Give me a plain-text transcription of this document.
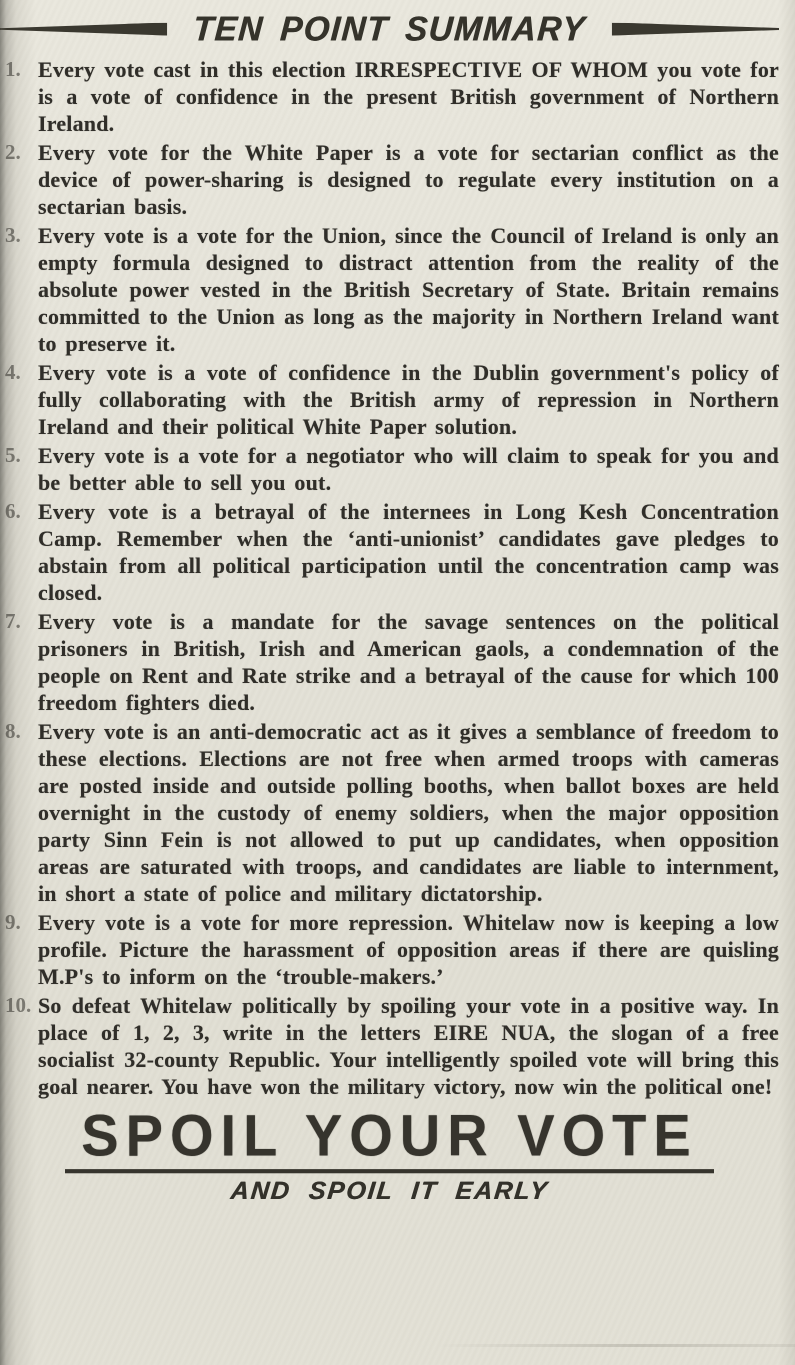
TEN POINT SUMMARY
1. Every vote cast in this election IRRESPECTIVE OF WHOM you vote for is a vote of confidence in the present British government of Northern Ireland.
2. Every vote for the White Paper is a vote for sectarian conflict as the device of power-sharing is designed to regulate every institution on a sectarian basis.
3. Every vote is a vote for the Union, since the Council of Ireland is only an empty formula designed to distract attention from the reality of the absolute power vested in the British Secretary of State. Britain remains committed to the Union as long as the majority in Northern Ireland want to preserve it.
4. Every vote is a vote of confidence in the Dublin government's policy of fully collaborating with the British army of repression in Northern Ireland and their political White Paper solution.
5. Every vote is a vote for a negotiator who will claim to speak for you and be better able to sell you out.
6. Every vote is a betrayal of the internees in Long Kesh Concentration Camp. Remember when the ‘anti-unionist’ candidates gave pledges to abstain from all political participation until the concentration camp was closed.
7. Every vote is a mandate for the savage sentences on the political prisoners in British, Irish and American gaols, a condemnation of the people on Rent and Rate strike and a betrayal of the cause for which 100 freedom fighters died.
8. Every vote is an anti-democratic act as it gives a semblance of freedom to these elections. Elections are not free when armed troops with cameras are posted inside and outside polling booths, when ballot boxes are held overnight in the custody of enemy soldiers, when the major opposition party Sinn Fein is not allowed to put up candidates, when opposition areas are saturated with troops, and candidates are liable to internment, in short a state of police and military dictatorship.
9. Every vote is a vote for more repression. Whitelaw now is keeping a low profile. Picture the harassment of opposition areas if there are quisling M.P's to inform on the ‘trouble-makers.’
10. So defeat Whitelaw politically by spoiling your vote in a positive way. In place of 1, 2, 3, write in the letters EIRE NUA, the slogan of a free socialist 32-county Republic. Your intelligently spoiled vote will bring this goal nearer. You have won the military victory, now win the political one!
SPOIL YOUR VOTE
AND SPOIL IT EARLY
